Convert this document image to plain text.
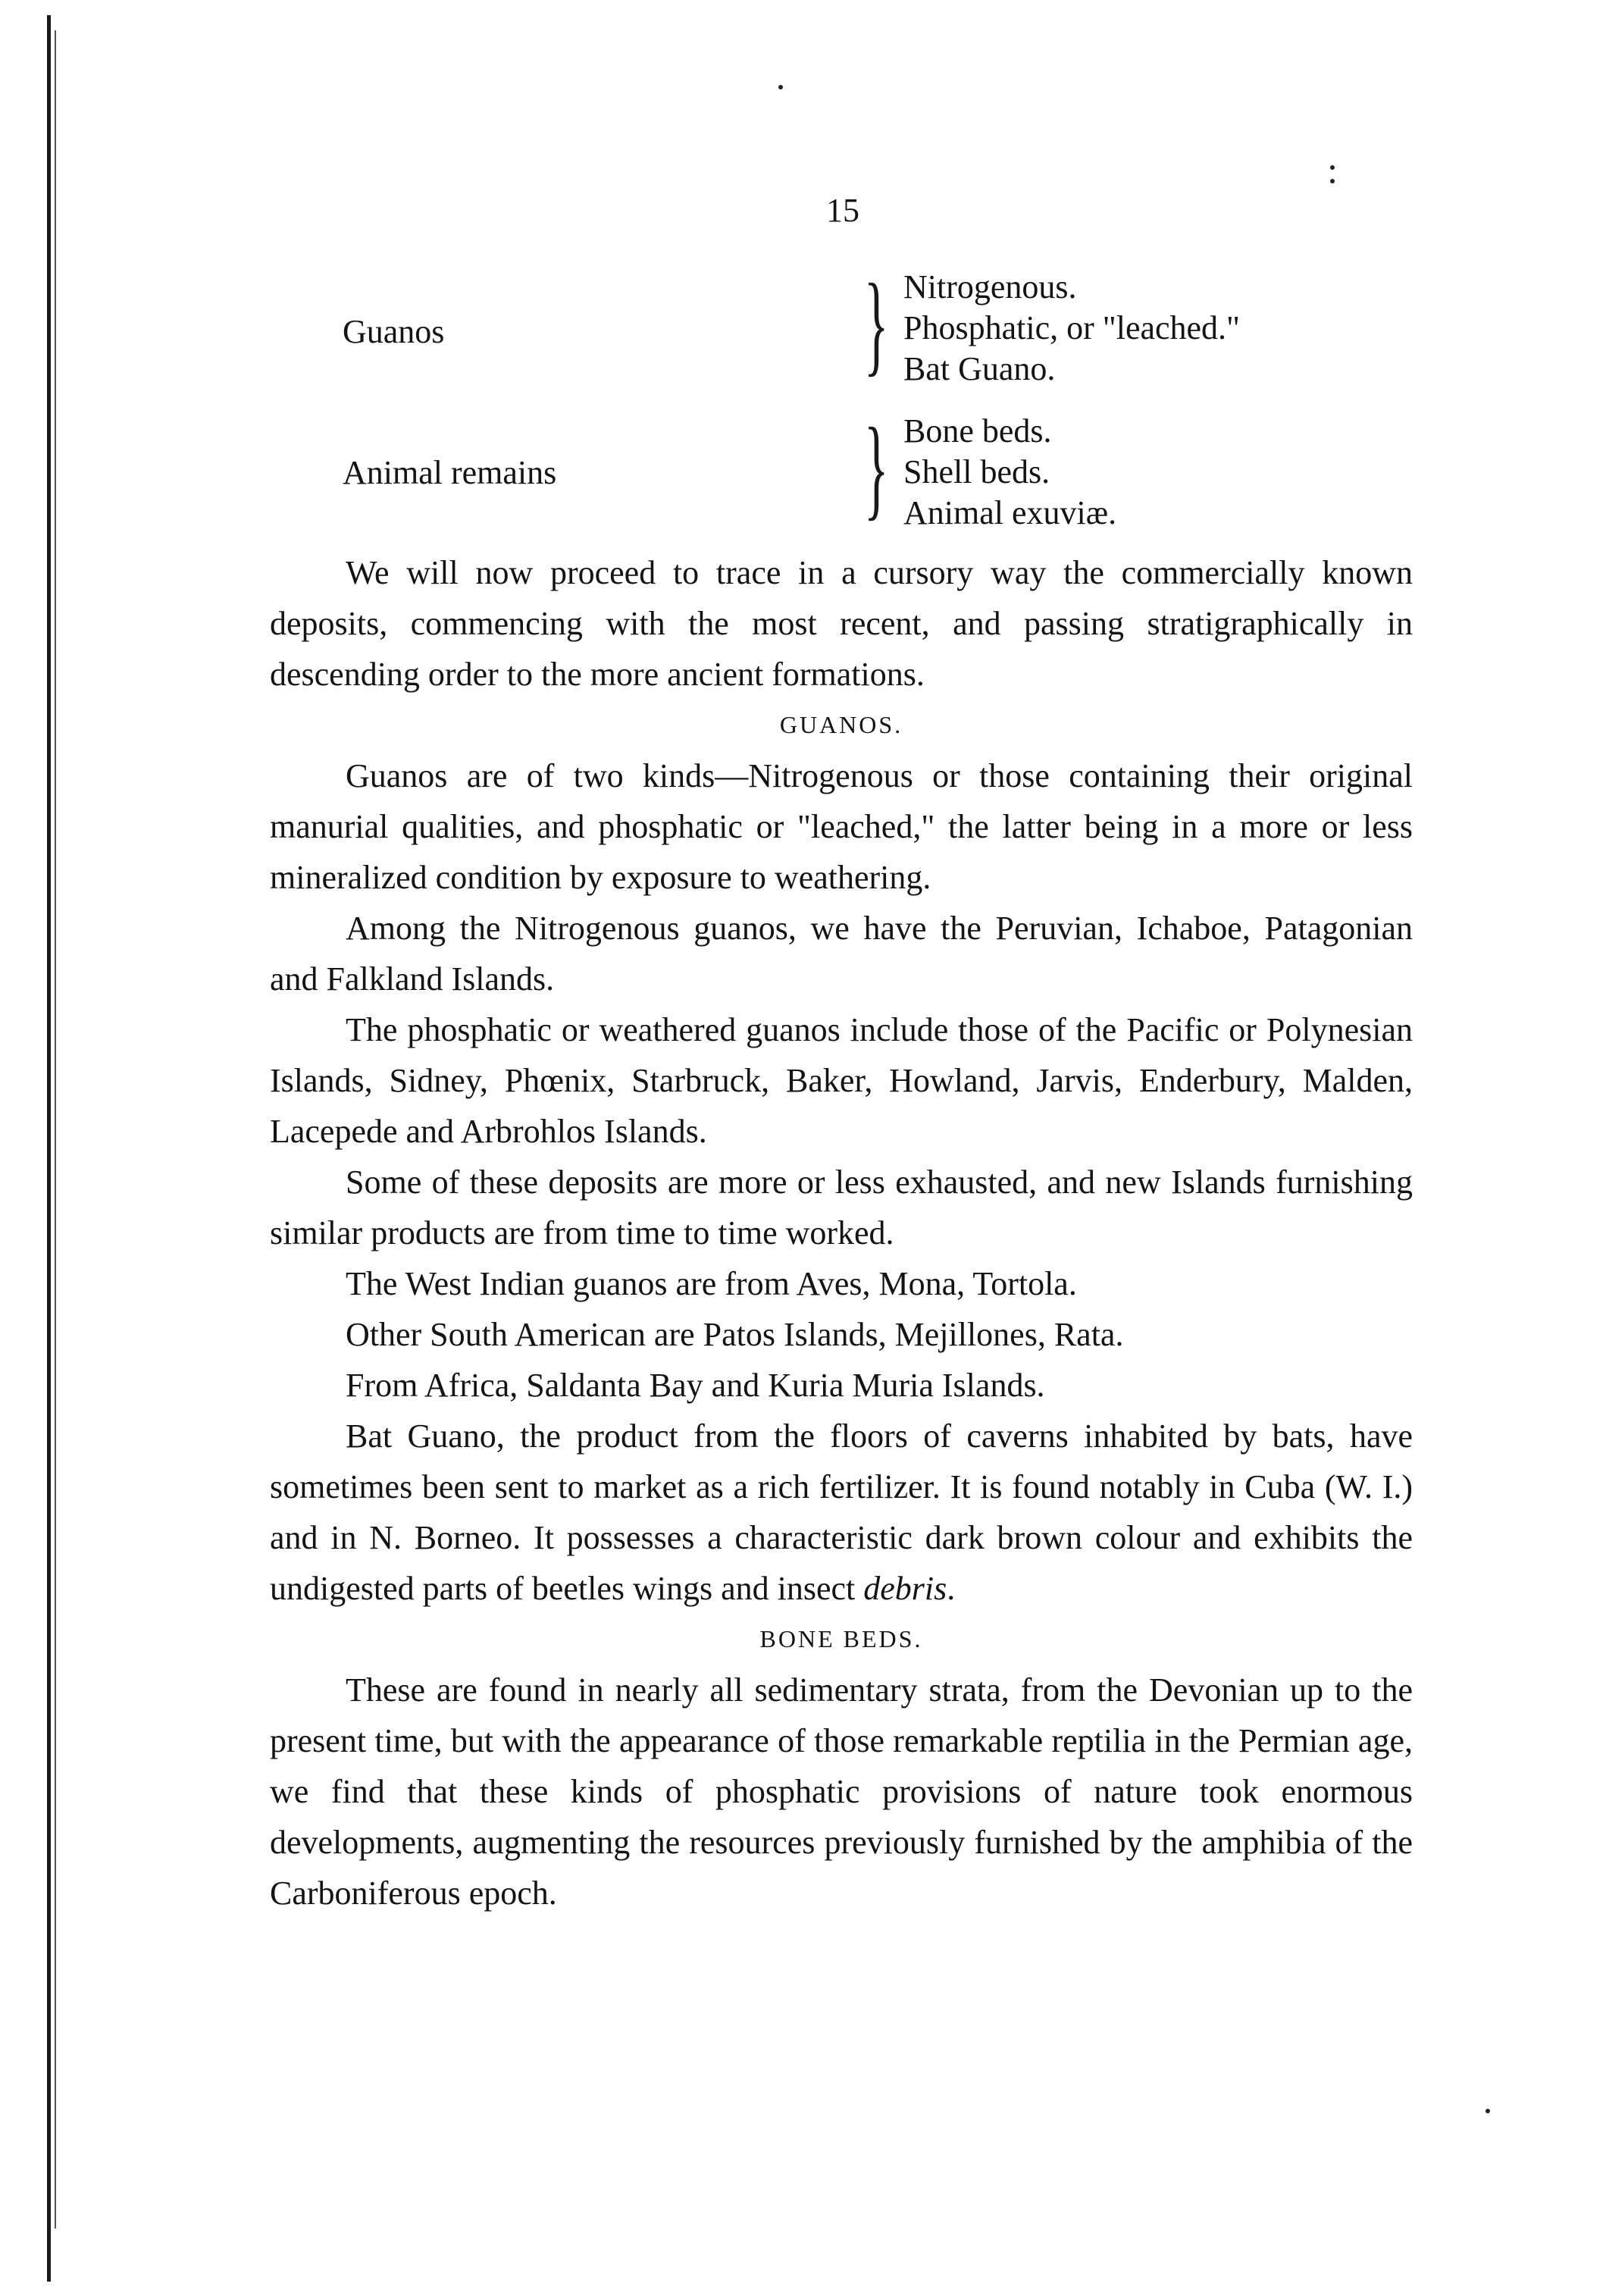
15
Guanos	} Nitrogenous.
Phosphatic, or "leached."
Bat Guano.
Animal remains	} Bone beds.
Shell beds.
Animal exuviæ.

We will now proceed to trace in a cursory way the commercially known deposits, commencing with the most recent, and passing stratigraphically in descending order to the more ancient formations.

GUANOS.

Guanos are of two kinds—Nitrogenous or those containing their original manurial qualities, and phosphatic or "leached," the latter being in a more or less mineralized condition by exposure to weathering.

Among the Nitrogenous guanos, we have the Peruvian, Ichaboe, Patagonian and Falkland Islands.

The phosphatic or weathered guanos include those of the Pacific or Polynesian Islands, Sidney, Phœnix, Starbruck, Baker, Howland, Jarvis, Enderbury, Malden, Lacepede and Arbrohlos Islands.

Some of these deposits are more or less exhausted, and new Islands furnishing similar products are from time to time worked.

The West Indian guanos are from Aves, Mona, Tortola.

Other South American are Patos Islands, Mejillones, Rata.

From Africa, Saldanta Bay and Kuria Muria Islands.

Bat Guano, the product from the floors of caverns inhabited by bats, have sometimes been sent to market as a rich fertilizer. It is found notably in Cuba (W. I.) and in N. Borneo. It possesses a characteristic dark brown colour and exhibits the undigested parts of beetles wings and insect debris.

BONE BEDS.

These are found in nearly all sedimentary strata, from the Devonian up to the present time, but with the appearance of those remarkable reptilia in the Permian age, we find that these kinds of phosphatic provisions of nature took enormous developments, augmenting the resources previously furnished by the amphibia of the Carboniferous epoch.
